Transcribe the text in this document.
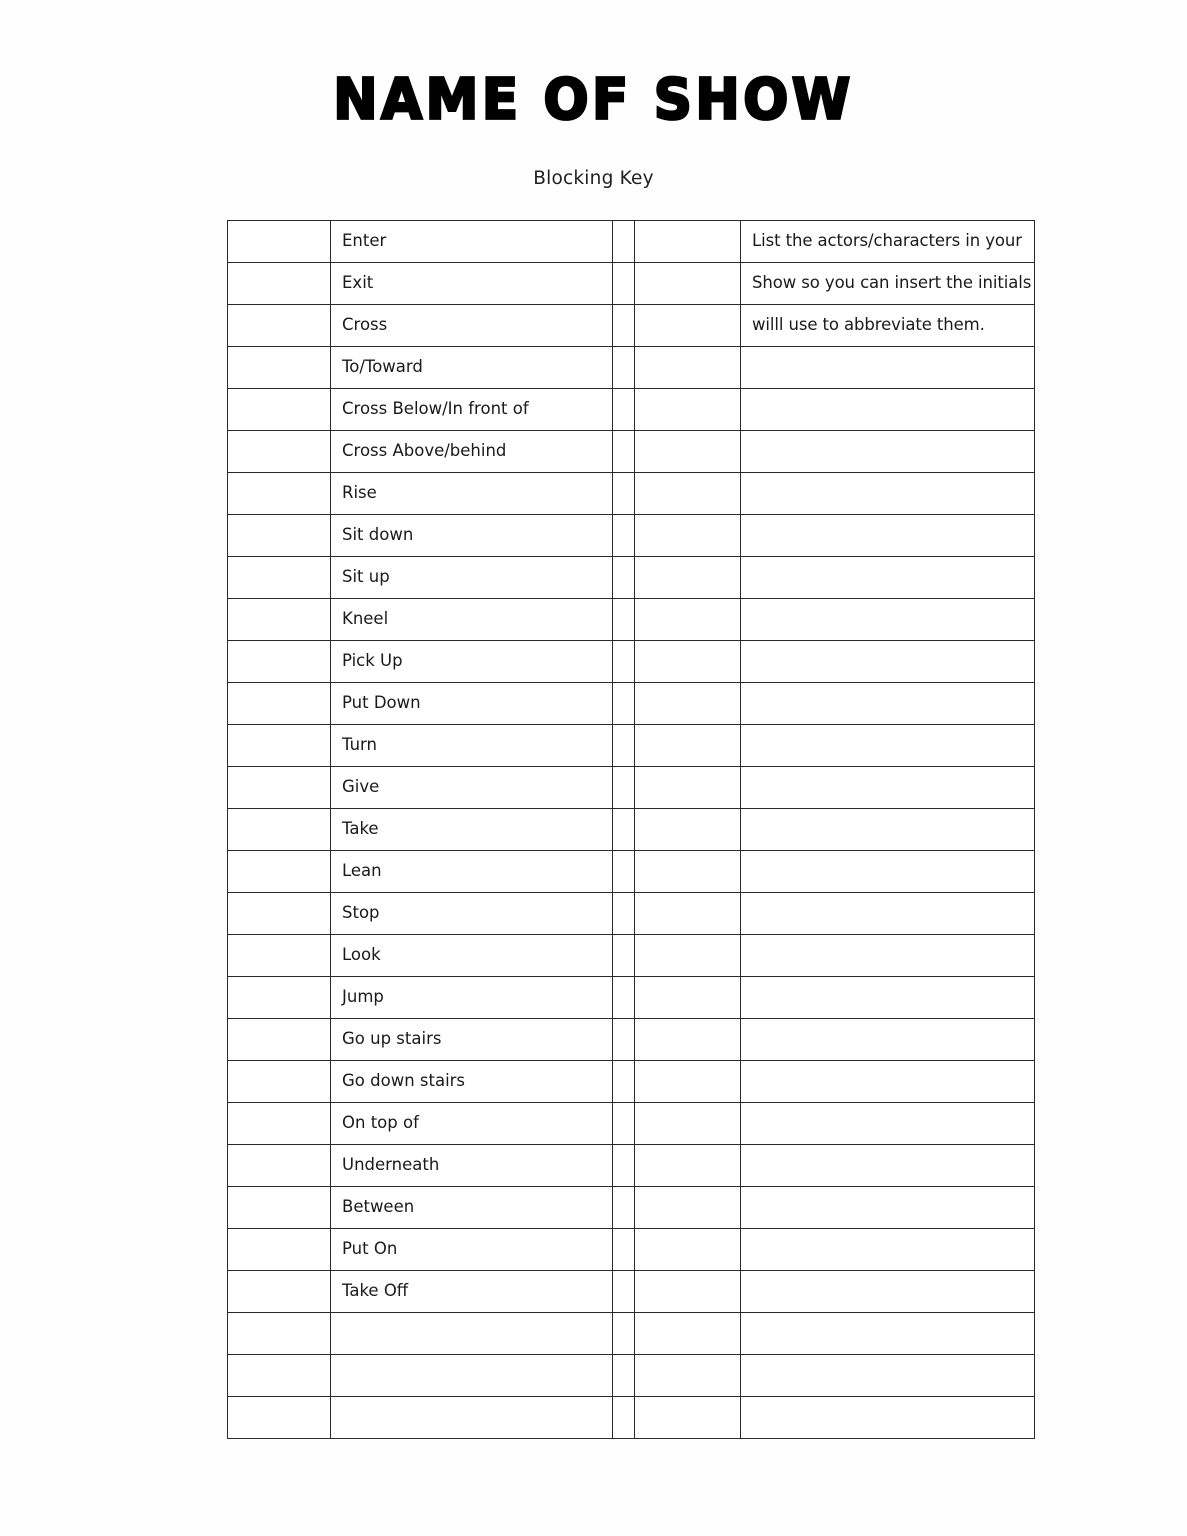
NAME OF SHOW
Blocking Key
	Enter			List the actors/characters in your
	Exit			Show so you can insert the initials
	Cross			willl use to abbreviate them.
	To/Toward			
	Cross Below/In front of			
	Cross Above/behind			
	Rise			
	Sit down			
	Sit up			
	Kneel			
	Pick Up			
	Put Down			
	Turn			
	Give			
	Take			
	Lean			
	Stop			
	Look			
	Jump			
	Go up stairs			
	Go down stairs			
	On top of			
	Underneath			
	Between			
	Put On			
	Take Off			
